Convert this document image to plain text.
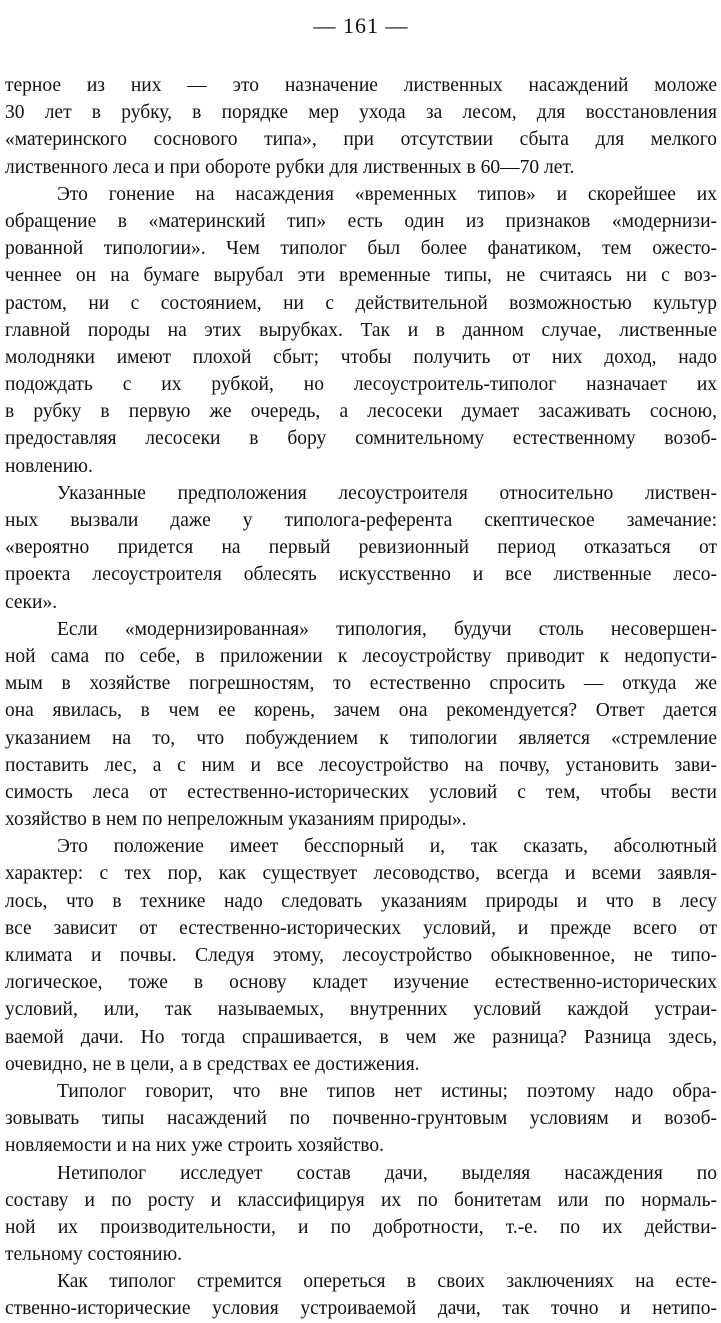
— 161 —
терное из них — это назначение лиственных насаждений моложе
30 лет в рубку, в порядке мер ухода за лесом, для восстановления
«материнского соснового типа», при отсутствии сбыта для мелкого
лиственного леса и при обороте рубки для лиственных в 60—70 лет.
Это гонение на насаждения «временных типов» и скорейшее их
обращение в «материнский тип» есть один из признаков «модернизи-
рованной типологии». Чем типолог был более фанатиком, тем ожесто-
ченнее он на бумаге вырубал эти временные типы, не считаясь ни с воз-
растом, ни с состоянием, ни с действительной возможностью культур
главной породы на этих вырубках. Так и в данном случае, лиственные
молодняки имеют плохой сбыт; чтобы получить от них доход, надо
подождать с их рубкой, но лесоустроитель-типолог назначает их
в рубку в первую же очередь, а лесосеки думает засаживать сосною,
предоставляя лесосеки в бору сомнительному естественному возоб-
новлению.
Указанные предположения лесоустроителя относительно листвен-
ных вызвали даже у типолога-референта скептическое замечание:
«вероятно придется на первый ревизионный период отказаться от
проекта лесоустроителя облесять искусственно и все лиственные лесо-
секи».
Если «модернизированная» типология, будучи столь несовершен-
ной сама по себе, в приложении к лесоустройству приводит к недопусти-
мым в хозяйстве погрешностям, то естественно спросить — откуда же
она явилась, в чем ее корень, зачем она рекомендуется? Ответ дается
указанием на то, что побуждением к типологии является «стремление
поставить лес, а с ним и все лесоустройство на почву, установить зави-
симость леса от естественно-исторических условий с тем, чтобы вести
хозяйство в нем по непреложным указаниям природы».
Это положение имеет бесспорный и, так сказать, абсолютный
характер: с тех пор, как существует лесоводство, всегда и всеми заявля-
лось, что в технике надо следовать указаниям природы и что в лесу
все зависит от естественно-исторических условий, и прежде всего от
климата и почвы. Следуя этому, лесоустройство обыкновенное, не типо-
логическое, тоже в основу кладет изучение естественно-исторических
условий, или, так называемых, внутренних условий каждой устраи-
ваемой дачи. Но тогда спрашивается, в чем же разница? Разница здесь,
очевидно, не в цели, а в средствах ее достижения.
Типолог говорит, что вне типов нет истины; поэтому надо обра-
зовывать типы насаждений по почвенно-грунтовым условиям и возоб-
новляемости и на них уже строить хозяйство.
Нетиполог исследует состав дачи, выделяя насаждения по
составу и по росту и классифицируя их по бонитетам или по нормаль-
ной их производительности, и по добротности, т.-е. по их действи-
тельному состоянию.
Как типолог стремится опереться в своих заключениях на есте-
ственно-исторические условия устроиваемой дачи, так точно и нетипо-
